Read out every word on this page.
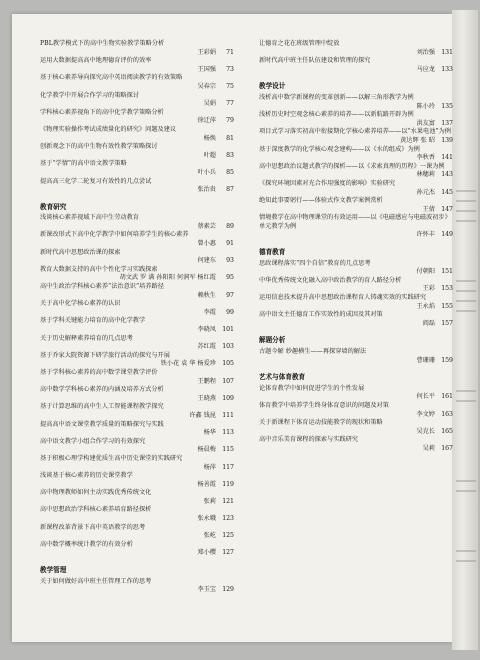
PBL教学模式下的高中生物实验教学策略分析
王彩娟	71
运用大数据提高高中地理德育评价的效率
王国强	73
基于核心素养导向探究高中英语阅读教学的有效策略
吴春宗	75
化学教学中开展合作学习的策略探讨
吴娟	77
学科核心素养视角下的高中化学教学策略分析
徐迁萍	79
《物理实验操作考试成绩量化的研究》问题及建议
杨焕	81
创新观念下的高中生物有效性教学策略探讨
叶超	83
基于“学情”的高中语文教学策略
叶小兵	85
提高高三化学二轮复习有效性的几点尝试
张治贵	87
教育研究
浅谈核心素养视域下高中生劳动教育
蔡素芸	89
新课改形式下高中化学教学中如何培养学生的核心素养
曾小惠	91
新时代高中思想政治课的探索
何建东	93
教育大数据支持的高中个性化学习实践探索
胡文武 罗 满 孙阳阳 何润军 杨红霞	95
高中生政治学科核心素养“法治意识”培养路径
赖秋生	97
关于高中化学核心素养的认识
李霞	99
基于学科关键能力培育的高中化学教学
李晓凤 101
关于历史解释素养培育的几点思考
苏红霞 103
基于乔家大院资源下研学旅行活动的探究与开展
铁小花 袁 华 杨爱珍 105
基于学科核心素养的高中数学课堂教学评价
王鹏程 107
高中数学学科核心素养的内涵及培养方式分析
王晓燕 109
基于计算思维的高中生人工智能课程教学探究
许鑫 钱昆 111
提高高中语文课堂教学质量的策略探究与实践
杨华 113
高中语文教学小组合作学习的有效探究
杨晨梅 115
基于积极心理学构建优质生高中历史课堂的实践研究
杨萍 117
浅谈基于核心素养的历史课堂教学
杨善霞 119
高中物理教师如何主动实践优秀传统文化
张莉 121
高中思想政治学科核心素养培育路径探析
张永娥 123
新课程改革背景下高中英语教学的思考
张屹 125
高中数学概率统计教学的有效分析
郑小樱 127
教学管理
关于如何做好高中班主任管理工作的思考
李玉宝 129
让德育之花在班级管理中绽放
刘治强 131
新时代高中班主任队伍建设和管理的探究
马应龙 133
教学设计
浅析高中数学新课程的变革创新——以解三角形教学为例
陈小玲 135
浅析历史时空观念核心素养的培养——以新航路开辟为例
洪友富 137
项目式学习落实初高中衔接期化学核心素养培养——以“水果电池”为例
黄达辉 张 昭 139
基于深度教学的化学核心观念建构——以《水的组成》为例
李秋香 141
高中思想政治议题式教学的探析——以《求索真理的历程》一课为例
林穗莉 143
《探究环境因素对光合作用强度的影响》实验研究
孙元杰 145
绝知此事要躬行——体验式作文教学案例赏析
王倩 147
情境教学在高中物理课堂的有效运用——以《电磁感应与电磁波初步》单元教学为例
许怀丰 149
德育教育
思政课程落实“四个自信”教育的几点思考
付朝阳 151
中华优秀传统文化融入高中政治教学的育人路径分析
王彩 153
运用信息技术提升高中思想政治课程育人铸魂实效的实践研究
王永焰 155
高中语文主任德育工作实效性的成因及其对策
阎磊 157
解题分析
古题今解 妙趣横生——再探穿墙的解法
曹珊珊 159
艺术与体育教育
论体育教学中如何促进学生的个性发展
何长平 161
体育教学中培养学生终身体育意识的问题及对策
李文婷 163
关于新课程下体育运动技能教学的现状和策略
吴克长 165
高中音乐美育课程的探索与实践研究
吴莉 167
